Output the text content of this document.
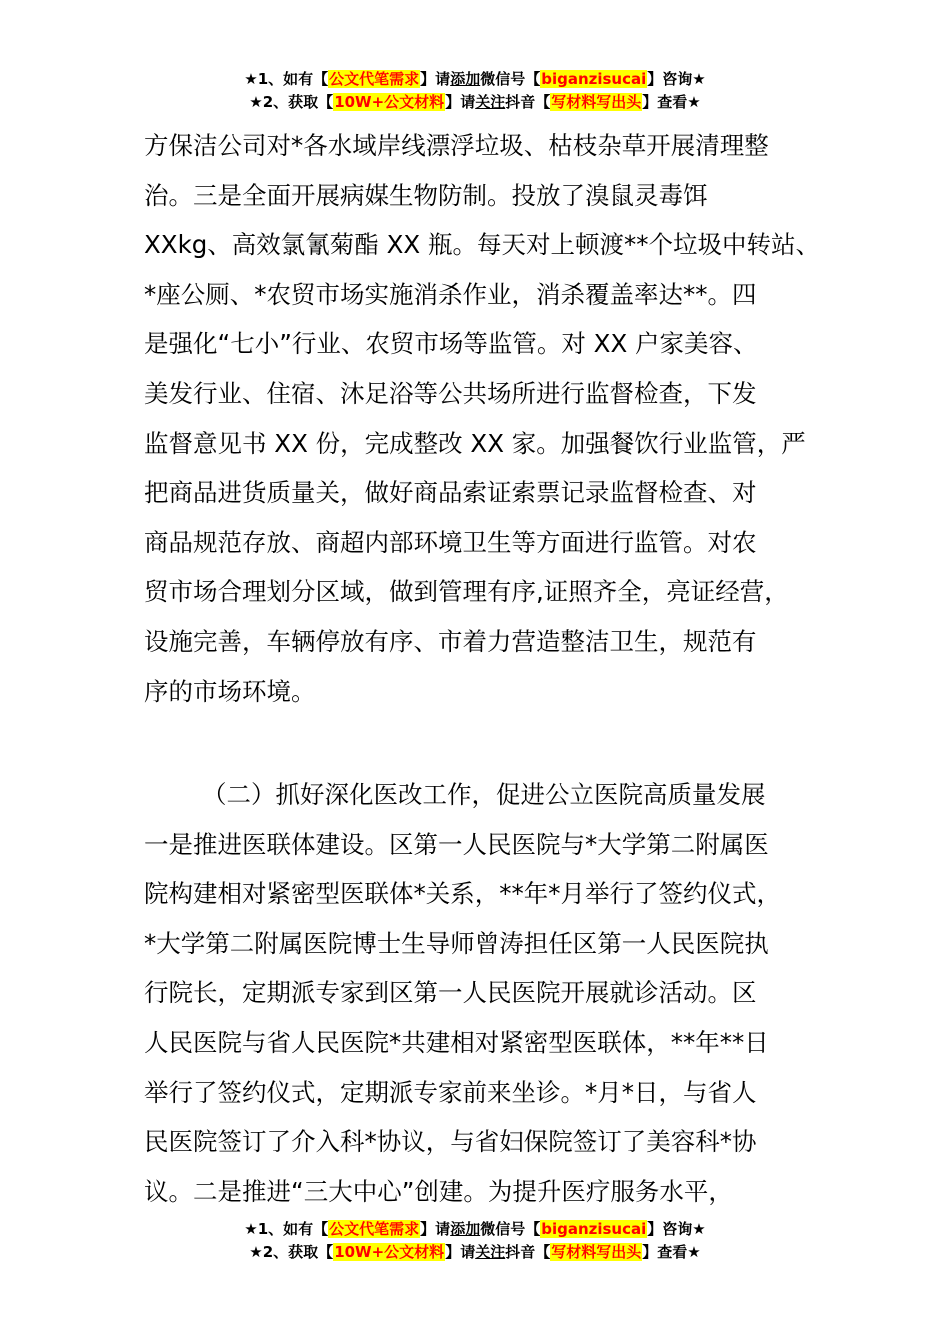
★1、如有【公文代笔需求】请添加微信号【biganzisucai】咨询★
★2、获取【10W+公文材料】请关注抖音【写材料写出头】查看★
方保洁公司对*各水域岸线漂浮垃圾、枯枝杂草开展清理整
治。三是全面开展病媒生物防制。投放了溴鼠灵毒饵
XXkg、高效氯氰菊酯 XX 瓶。每天对上顿渡**个垃圾中转站、
*座公厕、*农贸市场实施消杀作业，消杀覆盖率达**。四
是强化“七小”行业、农贸市场等监管。对 XX 户家美容、
美发行业、住宿、沐足浴等公共场所进行监督检查，下发
监督意见书 XX 份，完成整改 XX 家。加强餐饮行业监管，严
把商品进货质量关，做好商品索证索票记录监督检查、对
商品规范存放、商超内部环境卫生等方面进行监管。对农
贸市场合理划分区域，做到管理有序,证照齐全，亮证经营，
设施完善，车辆停放有序、市着力营造整洁卫生，规范有
序的市场环境。
（二）抓好深化医改工作，促进公立医院高质量发展
一是推进医联体建设。区第一人民医院与*大学第二附属医
院构建相对紧密型医联体*关系，**年*月举行了签约仪式，
*大学第二附属医院博士生导师曾涛担任区第一人民医院执
行院长，定期派专家到区第一人民医院开展就诊活动。区
人民医院与省人民医院*共建相对紧密型医联体，**年**日
举行了签约仪式，定期派专家前来坐诊。*月*日，与省人
民医院签订了介入科*协议，与省妇保院签订了美容科*协
议。二是推进“三大中心”创建。为提升医疗服务水平，
★1、如有【公文代笔需求】请添加微信号【biganzisucai】咨询★
★2、获取【10W+公文材料】请关注抖音【写材料写出头】查看★
